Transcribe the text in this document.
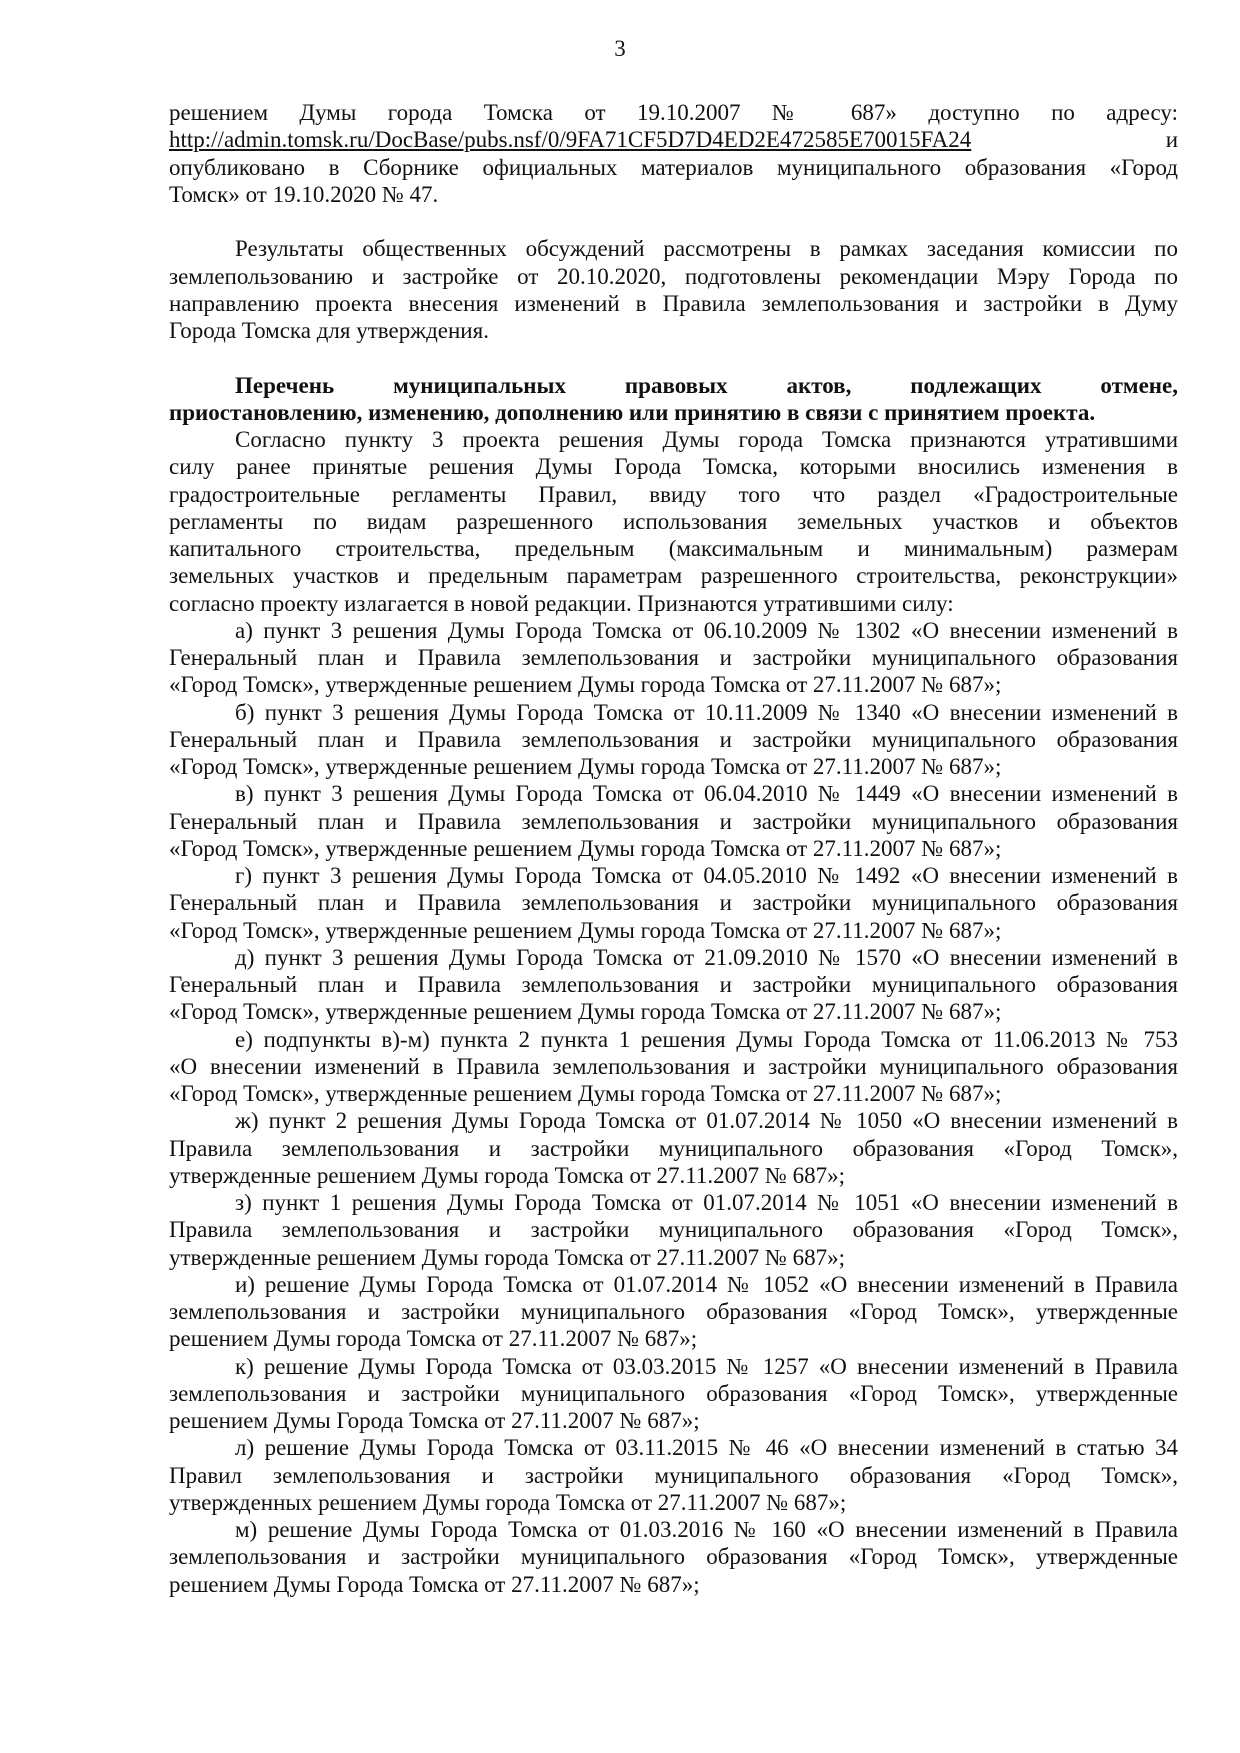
3
решением Думы города Томска от 19.10.2007 № 687» доступно по адресу:
http://admin.tomsk.ru/DocBase/pubs.nsf/0/9FA71CF5D7D4ED2E472585E70015FA24	и
опубликовано в Сборнике официальных материалов муниципального образования «Город
Томск» от 19.10.2020 № 47.
Результаты общественных обсуждений рассмотрены в рамках заседания комиссии по
землепользованию и застройке от 20.10.2020, подготовлены рекомендации Мэру Города по
направлению проекта внесения изменений в Правила землепользования и застройки в Думу
Города Томска для утверждения.
Перечень муниципальных правовых актов, подлежащих отмене,
приостановлению, изменению, дополнению или принятию в связи с принятием проекта.
Согласно пункту 3 проекта решения Думы города Томска признаются утратившими
силу ранее принятые решения Думы Города Томска, которыми вносились изменения в
градостроительные регламенты Правил, ввиду того что раздел «Градостроительные
регламенты по видам разрешенного использования земельных участков и объектов
капитального строительства, предельным (максимальным и минимальным) размерам
земельных участков и предельным параметрам разрешенного строительства, реконструкции»
согласно проекту излагается в новой редакции. Признаются утратившими силу:
а) пункт 3 решения Думы Города Томска от 06.10.2009 № 1302 «О внесении изменений в
Генеральный план и Правила землепользования и застройки муниципального образования
«Город Томск», утвержденные решением Думы города Томска от 27.11.2007 № 687»;
б) пункт 3 решения Думы Города Томска от 10.11.2009 № 1340 «О внесении изменений в
Генеральный план и Правила землепользования и застройки муниципального образования
«Город Томск», утвержденные решением Думы города Томска от 27.11.2007 № 687»;
в) пункт 3 решения Думы Города Томска от 06.04.2010 № 1449 «О внесении изменений в
Генеральный план и Правила землепользования и застройки муниципального образования
«Город Томск», утвержденные решением Думы города Томска от 27.11.2007 № 687»;
г) пункт 3 решения Думы Города Томска от 04.05.2010 № 1492 «О внесении изменений в
Генеральный план и Правила землепользования и застройки муниципального образования
«Город Томск», утвержденные решением Думы города Томска от 27.11.2007 № 687»;
д) пункт 3 решения Думы Города Томска от 21.09.2010 № 1570 «О внесении изменений в
Генеральный план и Правила землепользования и застройки муниципального образования
«Город Томск», утвержденные решением Думы города Томска от 27.11.2007 № 687»;
е) подпункты в)-м) пункта 2 пункта 1 решения Думы Города Томска от 11.06.2013 № 753
«О внесении изменений в Правила землепользования и застройки муниципального образования
«Город Томск», утвержденные решением Думы города Томска от 27.11.2007 № 687»;
ж) пункт 2 решения Думы Города Томска от 01.07.2014 № 1050 «О внесении изменений в
Правила землепользования и застройки муниципального образования «Город Томск»,
утвержденные решением Думы города Томска от 27.11.2007 № 687»;
з) пункт 1 решения Думы Города Томска от 01.07.2014 № 1051 «О внесении изменений в
Правила землепользования и застройки муниципального образования «Город Томск»,
утвержденные решением Думы города Томска от 27.11.2007 № 687»;
и) решение Думы Города Томска от 01.07.2014 № 1052 «О внесении изменений в Правила
землепользования и застройки муниципального образования «Город Томск», утвержденные
решением Думы города Томска от 27.11.2007 № 687»;
к) решение Думы Города Томска от 03.03.2015 № 1257 «О внесении изменений в Правила
землепользования и застройки муниципального образования «Город Томск», утвержденные
решением Думы Города Томска от 27.11.2007 № 687»;
л) решение Думы Города Томска от 03.11.2015 № 46 «О внесении изменений в статью 34
Правил землепользования и застройки муниципального образования «Город Томск»,
утвержденных решением Думы города Томска от 27.11.2007 № 687»;
м) решение Думы Города Томска от 01.03.2016 № 160 «О внесении изменений в Правила
землепользования и застройки муниципального образования «Город Томск», утвержденные
решением Думы Города Томска от 27.11.2007 № 687»;
